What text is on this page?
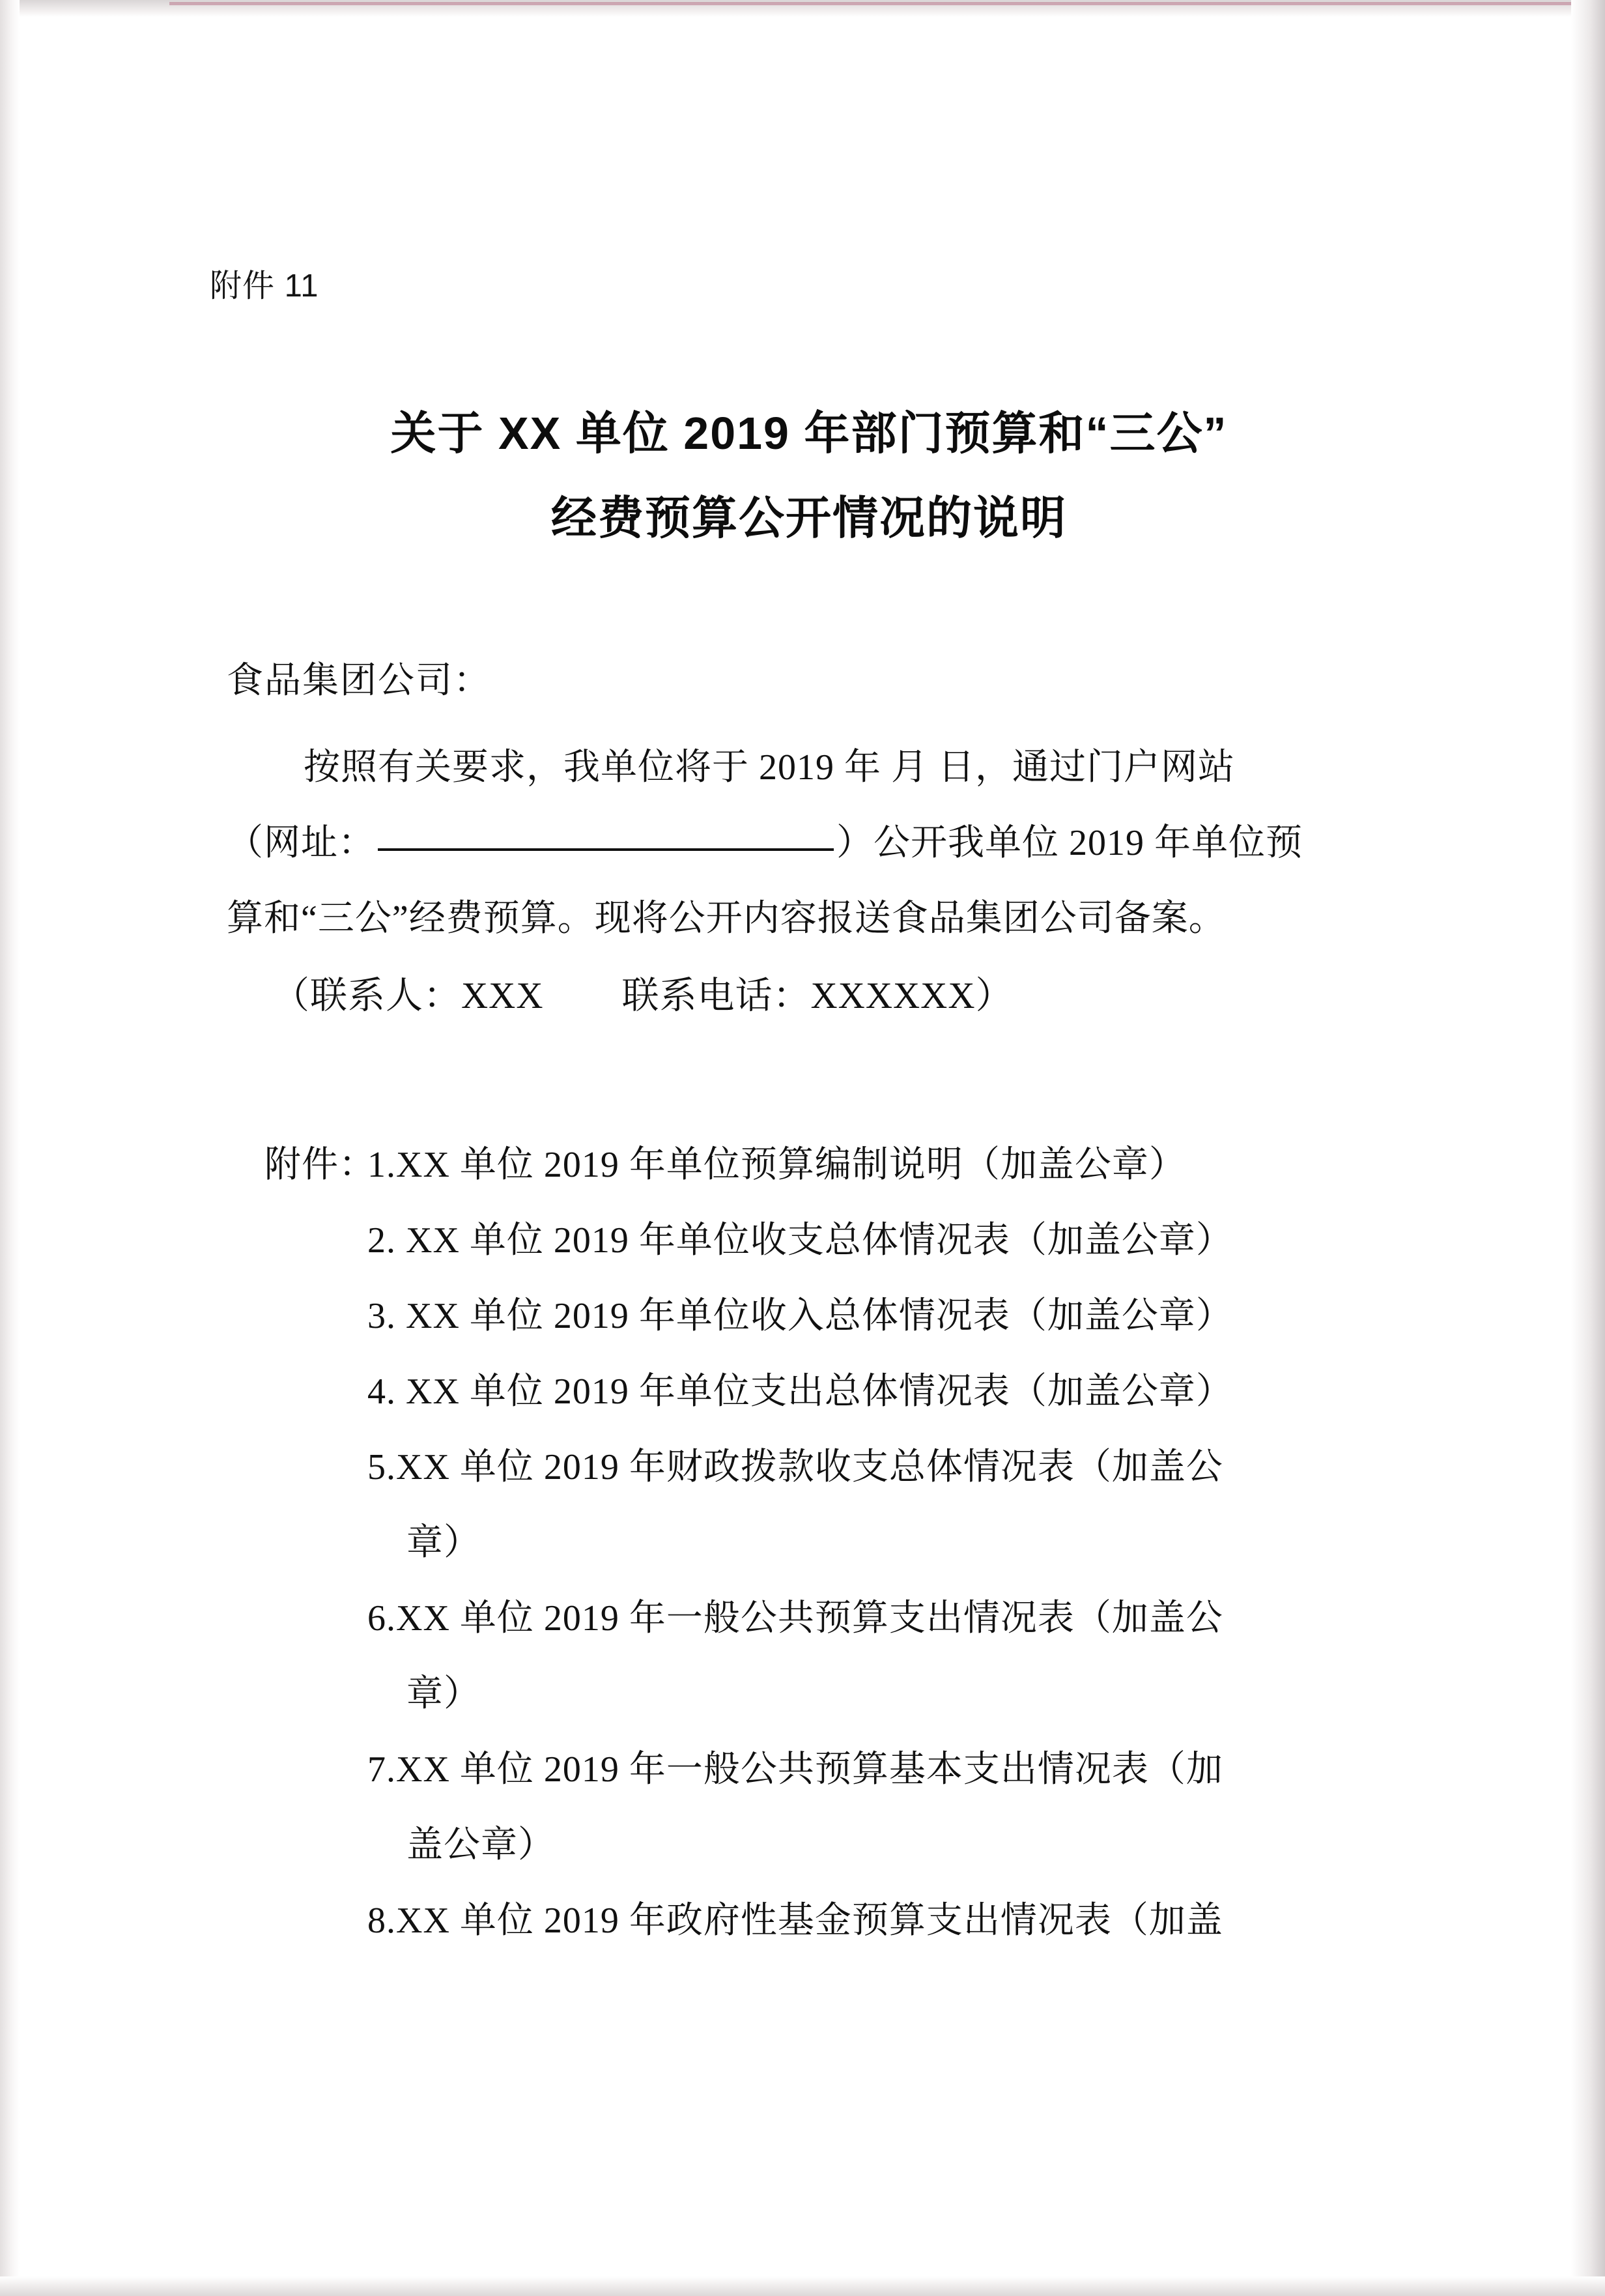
附件 11
关于 XX 单位 2019 年部门预算和“三公”
经费预算公开情况的说明
食品集团公司：
按照有关要求，我单位将于 2019 年 月 日，通过门户网站
（网址：	）公开我单位 2019 年单位预
算和“三公”经费预算。现将公开内容报送食品集团公司备案。
（联系人：XXX 联系电话：XXXXXX）
附件：
1.XX 单位 2019 年单位预算编制说明（加盖公章）
2. XX 单位 2019 年单位收支总体情况表（加盖公章）
3. XX 单位 2019 年单位收入总体情况表（加盖公章）
4. XX 单位 2019 年单位支出总体情况表（加盖公章）
5.XX 单位 2019 年财政拨款收支总体情况表（加盖公
章）
6.XX 单位 2019 年一般公共预算支出情况表（加盖公
章）
7.XX 单位 2019 年一般公共预算基本支出情况表（加
盖公章）
8.XX 单位 2019 年政府性基金预算支出情况表（加盖
